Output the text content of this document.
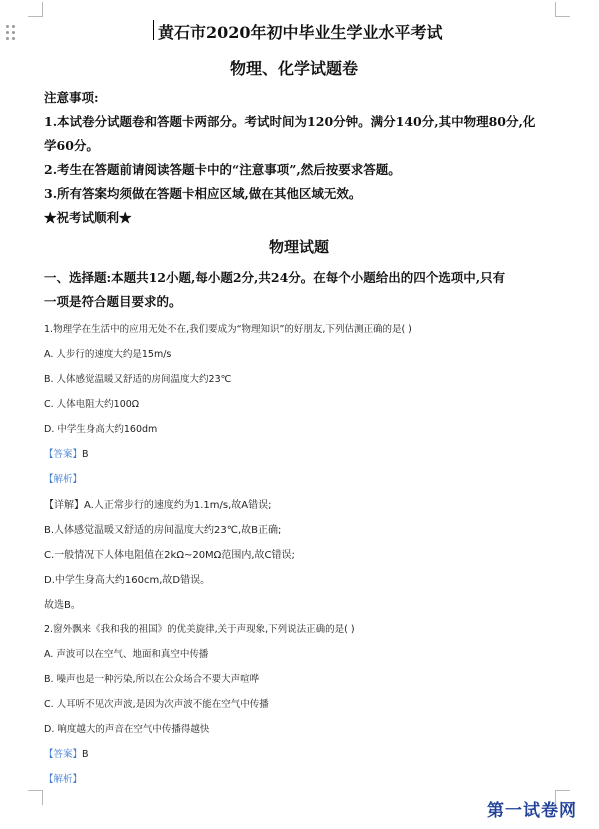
黄石市2020年初中毕业生学业水平考试
物理、化学试题卷
注意事项:
1.本试卷分试题卷和答题卡两部分。考试时间为120分钟。满分140分,其中物理80分,化
学60分。
2.考生在答题前请阅读答题卡中的“注意事项”,然后按要求答题。
3.所有答案均须做在答题卡相应区域,做在其他区域无效。
★祝考试顺利★
物理试题
一、选择题:本题共12小题,每小题2分,共24分。在每个小题给出的四个选项中,只有
一项是符合题目要求的。
1.物理学在生活中的应用无处不在,我们要成为“物理知识”的好朋友,下列估测正确的是( )
A. 人步行的速度大约是15m/s
B. 人体感觉温暖又舒适的房间温度大约23℃
C. 人体电阻大约100Ω
D. 中学生身高大约160dm
【答案】B
【解析】
【详解】A.人正常步行的速度约为1.1m/s,故A错误;
B.人体感觉温暖又舒适的房间温度大约23℃,故B正确;
C.一般情况下人体电阻值在2kΩ~20MΩ范围内,故C错误;
D.中学生身高大约160cm,故D错误。
故选B。
2.窗外飘来《我和我的祖国》的优美旋律,关于声现象,下列说法正确的是( )
A. 声波可以在空气、地面和真空中传播
B. 噪声也是一种污染,所以在公众场合不要大声喧哗
C. 人耳听不见次声波,是因为次声波不能在空气中传播
D. 响度越大的声音在空气中传播得越快
【答案】B
【解析】
第一试卷网
